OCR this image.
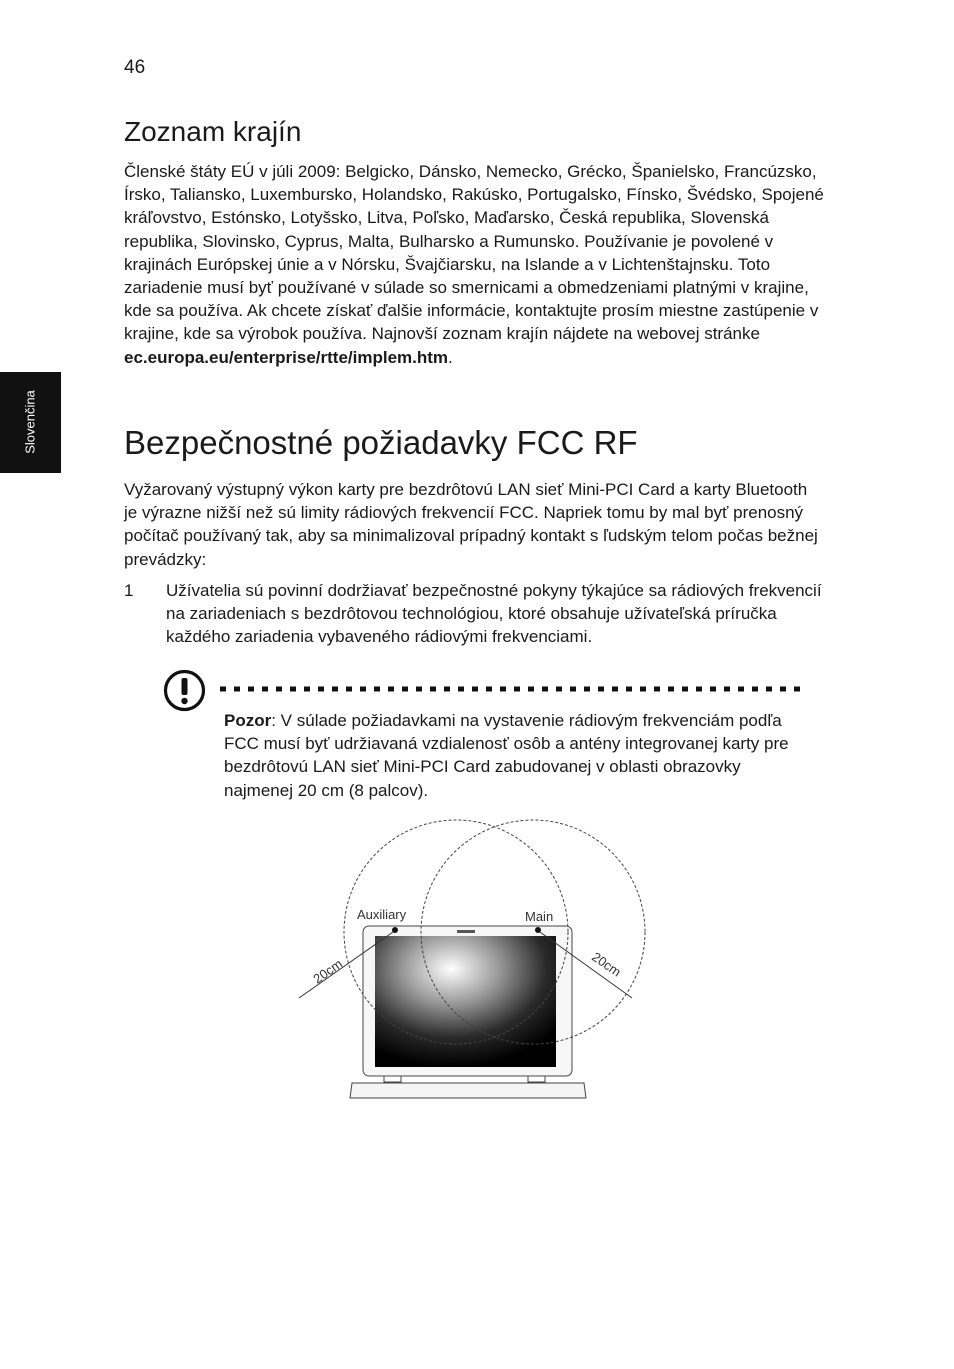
46
Slovenčina
Zoznam krajín

Členské štáty EÚ v júli 2009: Belgicko, Dánsko, Nemecko, Grécko, Španielsko, Francúzsko, Írsko, Taliansko, Luxembursko, Holandsko, Rakúsko, Portugalsko, Fínsko, Švédsko, Spojené kráľovstvo, Estónsko, Lotyšsko, Litva, Poľsko, Maďarsko, Česká republika, Slovenská republika, Slovinsko, Cyprus, Malta, Bulharsko a Rumunsko. Používanie je povolené v krajinách Európskej únie a v Nórsku, Švajčiarsku, na Islande a v Lichtenštajnsku. Toto zariadenie musí byť používané v súlade so smernicami a obmedzeniami platnými v krajine, kde sa používa. Ak chcete získať ďalšie informácie, kontaktujte prosím miestne zastúpenie v krajine, kde sa výrobok používa. Najnovší zoznam krajín nájdete na webovej stránke ec.europa.eu/enterprise/rtte/implem.htm.

Bezpečnostné požiadavky FCC RF

Vyžarovaný výstupný výkon karty pre bezdrôtovú LAN sieť Mini-PCI Card a karty Bluetooth je výrazne nižší než sú limity rádiových frekvencií FCC. Napriek tomu by mal byť prenosný počítač používaný tak, aby sa minimalizoval prípadný kontakt s ľudským telom počas bežnej prevádzky:

1 Užívatelia sú povinní dodržiavať bezpečnostné pokyny týkajúce sa rádiových frekvencií na zariadeniach s bezdrôtovou technológiou, ktoré obsahuje užívateľská príručka každého zariadenia vybaveného rádiovými frekvenciami.

Pozor: V súlade požiadavkami na vystavenie rádiovým frekvenciám podľa FCC musí byť udržiavaná vzdialenosť osôb a antény integrovanej karty pre bezdrôtovú LAN sieť Mini-PCI Card zabudovanej v oblasti obrazovky najmenej 20 cm (8 palcov).

Auxiliary	Main
20cm	20cm
